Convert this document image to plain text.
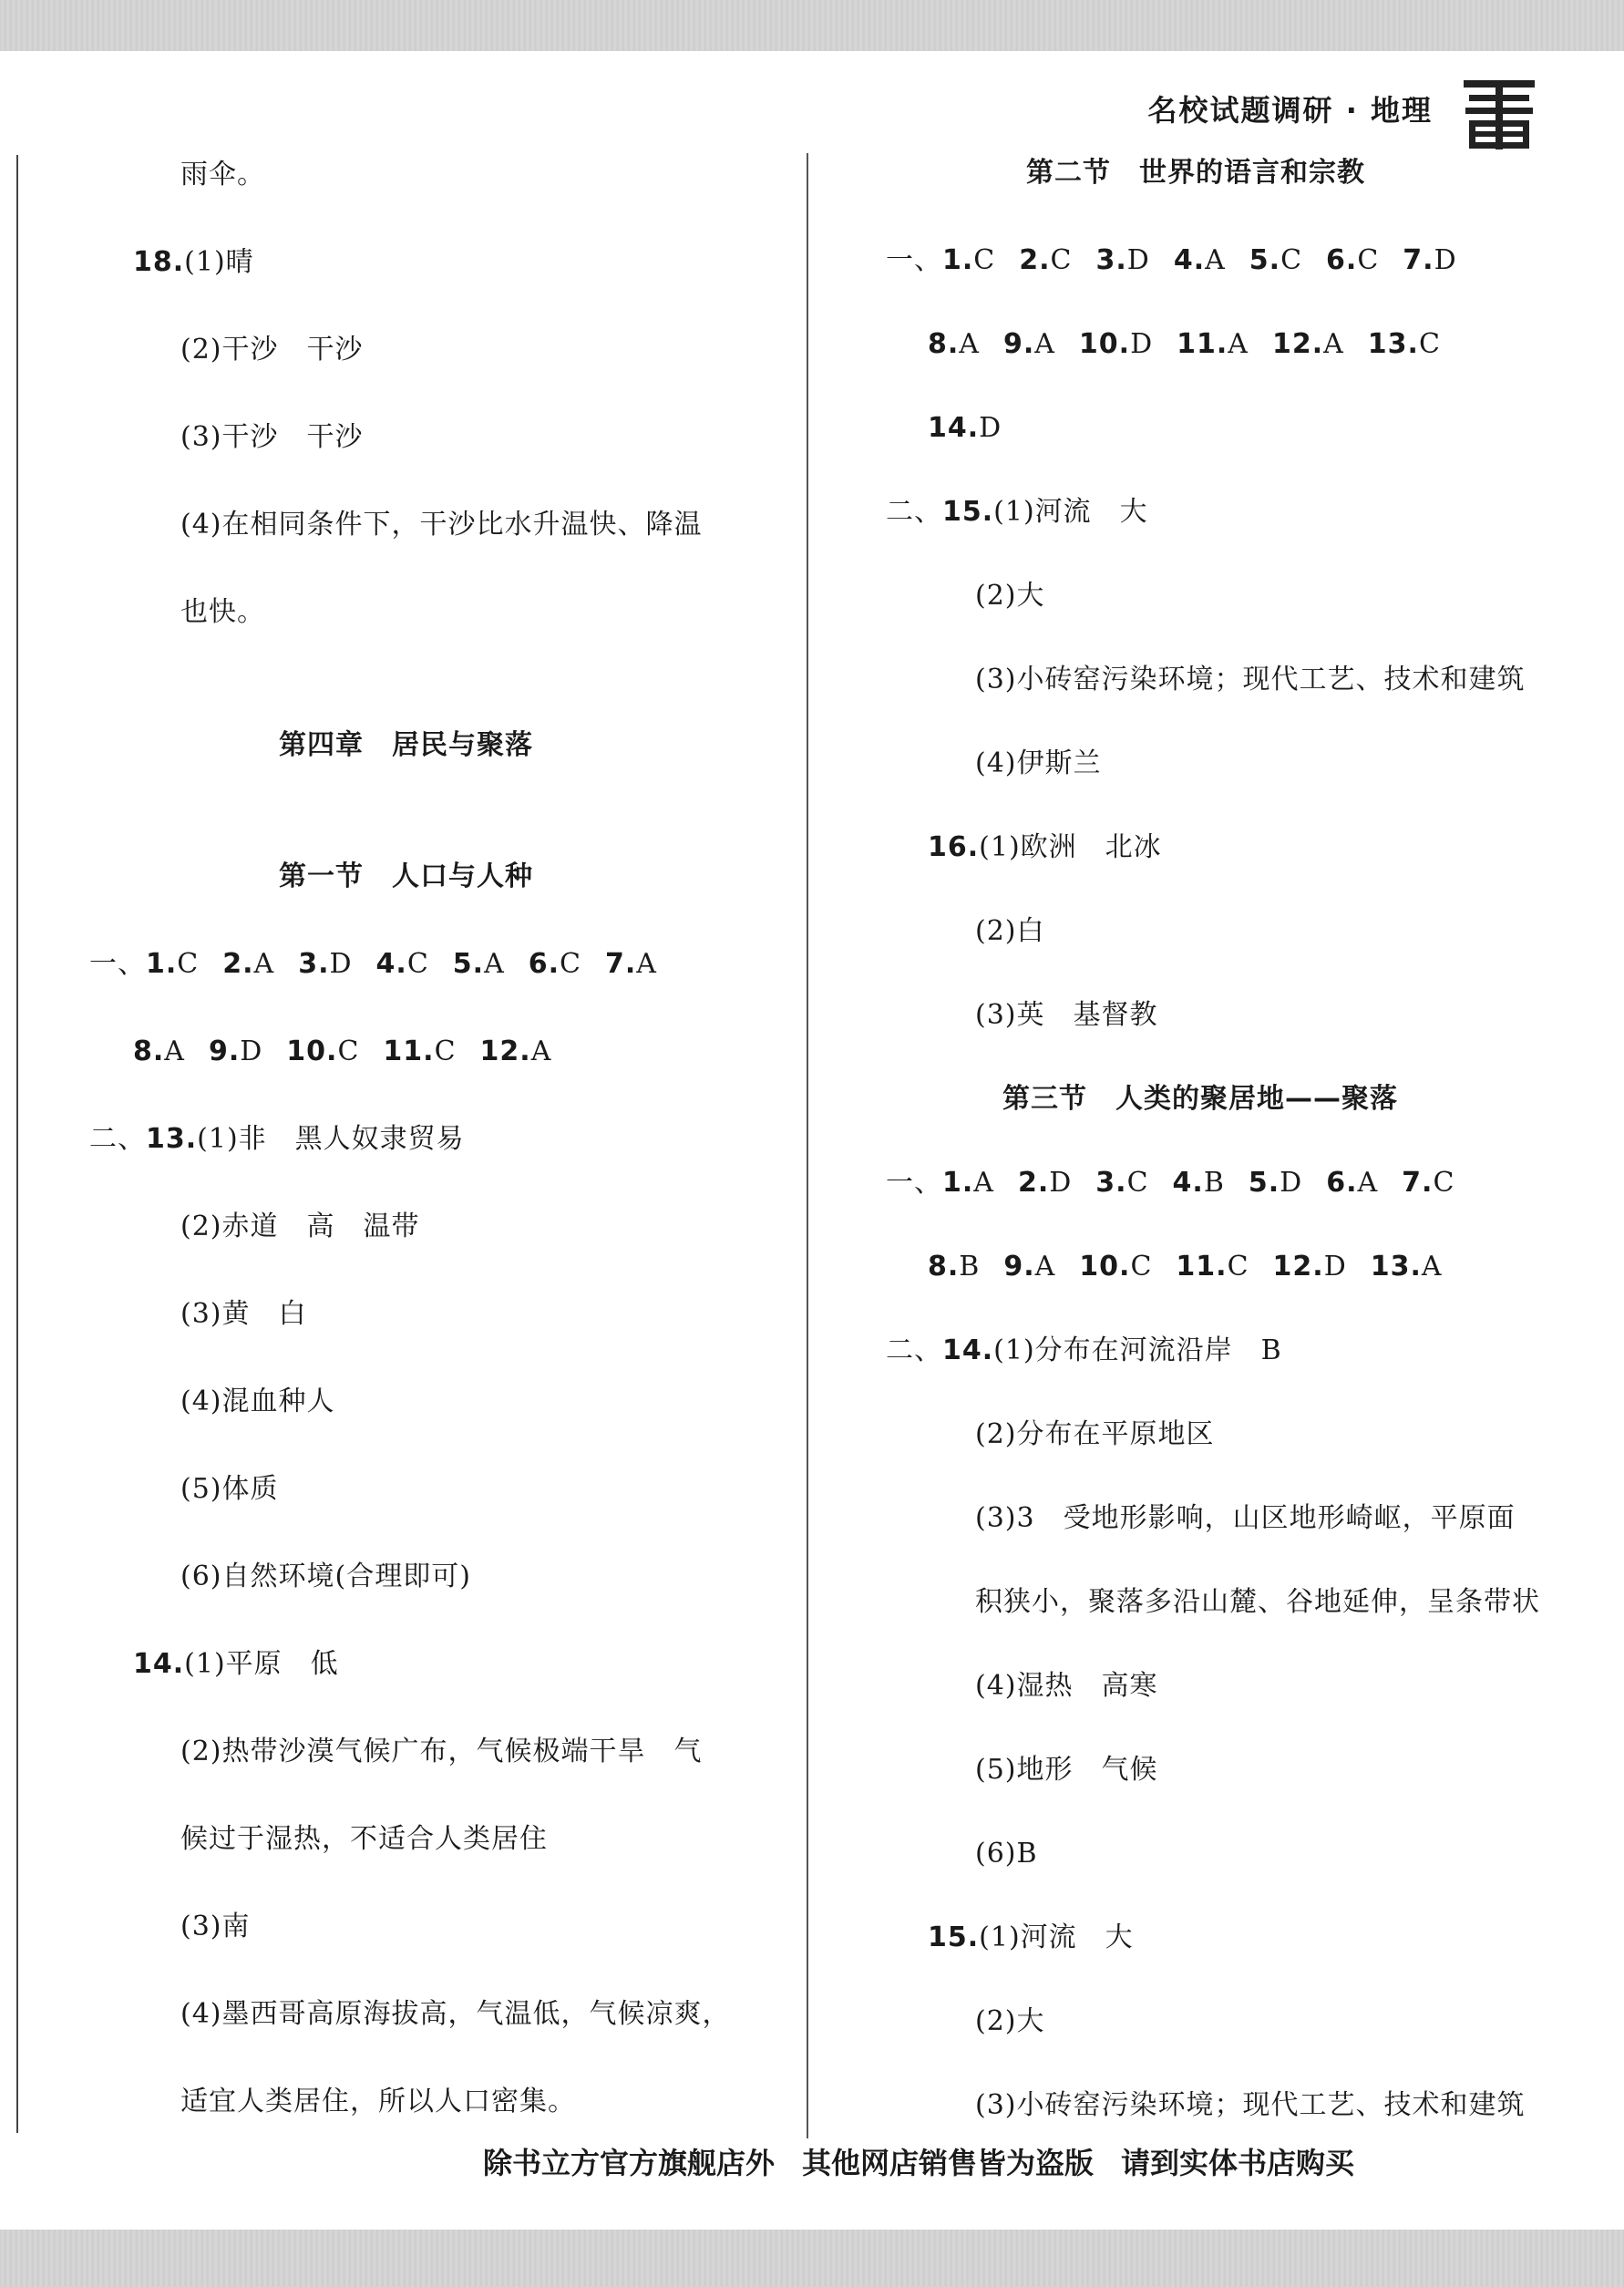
名校试题调研 · 地理
雨伞。
18.(1)晴
(2)干沙　干沙
(3)干沙　干沙
(4)在相同条件下，干沙比水升温快、降温
也快。
第四章　居民与聚落
第一节　人口与人种
一、1.C 2.A 3.D 4.C 5.A 6.C 7.A
8.A 9.D 10.C 11.C 12.A
二、13.(1)非　黑人奴隶贸易
(2)赤道　高　温带
(3)黄　白
(4)混血种人
(5)体质
(6)自然环境(合理即可)
14.(1)平原　低
(2)热带沙漠气候广布，气候极端干旱　气
候过于湿热，不适合人类居住
(3)南
(4)墨西哥高原海拔高，气温低，气候凉爽，
适宜人类居住，所以人口密集。
第二节　世界的语言和宗教
一、1.C 2.C 3.D 4.A 5.C 6.C 7.D
8.A 9.A 10.D 11.A 12.A 13.C
14.D
二、15.(1)河流　大
(2)大
(3)小砖窑污染环境；现代工艺、技术和建筑
(4)伊斯兰
16.(1)欧洲　北冰
(2)白
(3)英　基督教
第三节　人类的聚居地——聚落
一、1.A 2.D 3.C 4.B 5.D 6.A 7.C
8.B 9.A 10.C 11.C 12.D 13.A
二、14.(1)分布在河流沿岸　B
(2)分布在平原地区
(3)3　受地形影响，山区地形崎岖，平原面
积狭小，聚落多沿山麓、谷地延伸，呈条带状
(4)湿热　高寒
(5)地形　气候
(6)B
15.(1)河流　大
(2)大
(3)小砖窑污染环境；现代工艺、技术和建筑
除书立方官方旗舰店外 其他网店销售皆为盗版 请到实体书店购买
